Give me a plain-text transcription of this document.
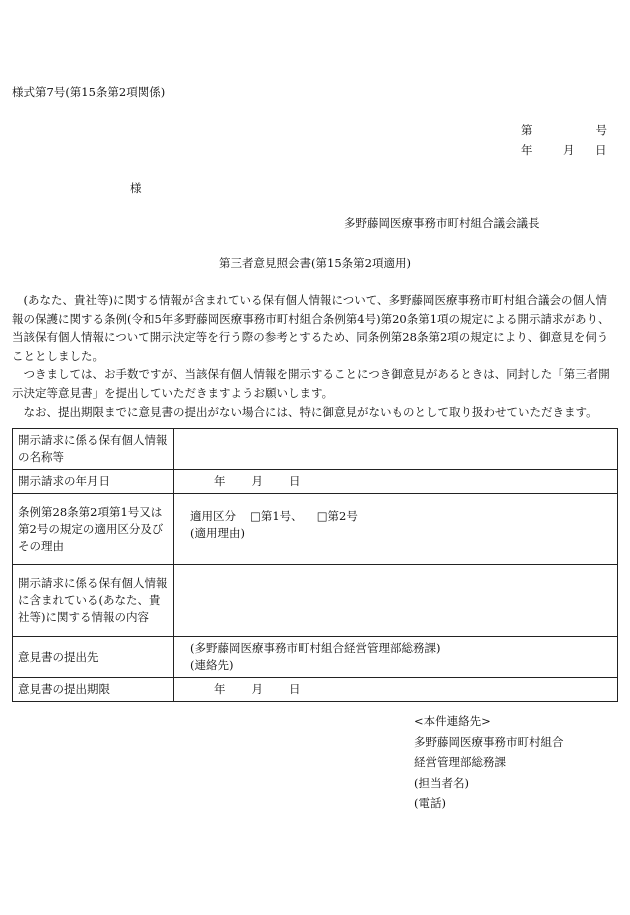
様式第7号(第15条第2項関係)
第	号
年	月 日
様
多野藤岡医療事務市町村組合議会議長
第三者意見照会書(第15条第2項適用)

(あなた、貴社等)に関する情報が含まれている保有個人情報について、多野藤岡医療事務市町村組合議会の個人情報の保護に関する条例(令和5年多野藤岡医療事務市町村組合条例第4号)第20条第1項の規定による開示請求があり、当該保有個人情報について開示決定等を行う際の参考とするため、同条例第28条第2項の規定により、御意見を伺うこととしました。

つきましては、お手数ですが、当該保有個人情報を開示することにつき御意見があるときは、同封した「第三者開示決定等意見書」を提出していただきますようお願いします。

なお、提出期限までに意見書の提出がない場合には、特に御意見がないものとして取り扱わせていただきます。

開示請求に係る保有個人情報の名称等	
開示請求の年月日	年 月 日
条例第28条第2項第1号又は第2号の規定の適用区分及びその理由	適用区分 □第1号、 □第2号
(適用理由)

開示請求に係る保有個人情報に含まれている(あなた、貴社等)に関する情報の内容	
意見書の提出先	(多野藤岡医療事務市町村組合経営管理部総務課)
(連絡先)

意見書の提出期限	年 月 日
<本件連絡先>
多野藤岡医療事務市町村組合
経営管理部総務課
(担当者名)
(電話)
